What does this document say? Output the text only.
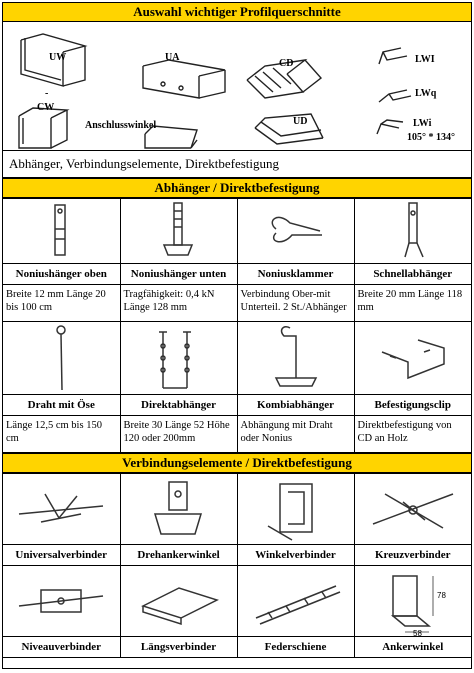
Auswahl wichtiger Profilquerschnitte
UW
-
UA
CD	LWI
CW
Anschlusswinkel	UD
LWq
LWi
105° * 134°
Abhänger, Verbindungselemente, Direktbefestigung
Abhänger / Direktbefestigung

Noniushänger oben	Noniushänger unten	Noniusklammer	Schnellabhänger

Breite 12 mm Länge 20 bis 100 cm	Tragfähigkeit: 0,4 kN Länge 128 mm	Verbindung Ober-mit Unterteil. 2 St./Abhänger	Breite 20 mm Länge 118 mm

Draht mit Öse	Direktabhänger	Kombiabhänger	Befestigungsclip

Länge 12,5 cm bis 150 cm	Breite 30 Länge 52 Höhe 120 oder 200mm	Abhängung mit Draht oder Nonius	Direktbefestigung von CD an Holz
Verbindungselemente / Direktbefestigung

Universalverbinder	Drehankerwinkel	Winkelverbinder	Kreuzverbinder

78
58

Niveauverbinder	Längsverbinder	Federschiene	Ankerwinkel
